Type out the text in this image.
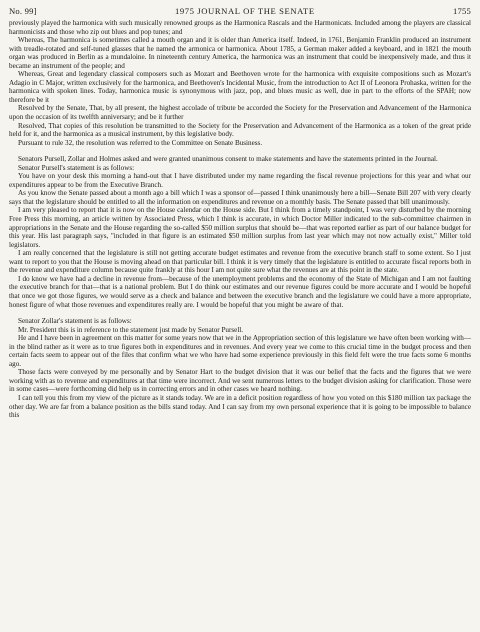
No. 99]	1975 JOURNAL OF THE SENATE	1755

previously played the harmonica with such musically renowned groups as the Harmonica Rascals and the Harmonicats. Included among the players are classical harmonicists and those who zip out blues and pop tunes; and

Whereas, The harmonica is sometimes called a mouth organ and it is older than America itself. Indeed, in 1761, Benjamin Franklin produced an instrument with treadle-rotated and self-tuned glasses that he named the armonica or harmonica. About 1785, a German maker added a keyboard, and in 1821 the mouth organ was produced in Berlin as a mundaloine. In nineteenth century America, the harmonica was an instrument that could be inexpensively made, and thus it became an instrument of the people; and

Whereas, Great and legendary classical composers such as Mozart and Beethoven wrote for the harmonica with exquisite compositions such as Mozart's Adagio in C Major, written exclusively for the harmonica, and Beethoven's Incidental Music, from the introduction to Act II of Leonora Prohaska, written for the harmonica with spoken lines. Today, harmonica music is synonymous with jazz, pop, and blues music as well, due in part to the efforts of the SPAH; now therefore be it

Resolved by the Senate, That, by all present, the highest accolade of tribute be accorded the Society for the Preservation and Advancement of the Harmonica upon the occasion of its twelfth anniversary; and be it further

Resolved, That copies of this resolution be transmitted to the Society for the Preservation and Advancement of the Harmonica as a token of the great pride held for it, and the harmonica as a musical instrument, by this legislative body.

Pursuant to rule 32, the resolution was referred to the Committee on Senate Business.

Senators Pursell, Zollar and Holmes asked and were granted unanimous consent to make statements and have the statements printed in the Journal.

Senator Pursell's statement is as follows:

You have on your desk this morning a hand-out that I have distributed under my name regarding the fiscal revenue projections for this year and what our expenditures appear to be from the Executive Branch.

As you know the Senate passed about a month ago a bill which I was a sponsor of—passed I think unanimously here a bill—Senate Bill 207 with very clearly says that the legislature should be entitled to all the information on expenditures and revenue on a monthly basis. The Senate passed that bill unanimously.

I am very pleased to report that it is now on the House calendar on the House side. But I think from a timely standpoint, I was very disturbed by the morning Free Press this morning, an article written by Associated Press, which I think is accurate, in which Doctor Miller indicated to the sub-committee chairmen in appropriations in the Senate and the House regarding the so-called $50 million surplus that should be—that was reported earlier as part of our balance budget for this year. His last paragraph says, "included in that figure is an estimated $50 million surplus from last year which may not now actually exist," Miller told legislators.

I am really concerned that the legislature is still not getting accurate budget estimates and revenue from the executive branch staff to some extent. So I just want to report to you that the House is moving ahead on that particular bill. I think it is very timely that the legislature is entitled to accurate fiscal reports both in the revenue and expenditure column because quite frankly at this hour I am not quite sure what the revenues are at this point in the state.

I do know we have had a decline in revenue from—because of the unemployment problems and the economy of the State of Michigan and I am not faulting the executive branch for that—that is a national problem. But I do think our estimates and our revenue figures could be more accurate and I would be hopeful that once we got those figures, we would serve as a check and balance and between the executive branch and the legislature we could have a more appropriate, honest figure of what those revenues and expenditures really are. I would be hopeful that you might be aware of that.

Senator Zollar's statement is as follows:

Mr. President this is in reference to the statement just made by Senator Pursell.

He and I have been in agreement on this matter for some years now that we in the Appropriation section of this legislature we have often been working with—in the blind rather as it were as to true figures both in expenditures and in revenues. And every year we come to this crucial time in the budget process and then certain facts seem to appear out of the files that confirm what we who have had some experience previously in this field felt were the true facts some 6 months ago.

Those facts were conveyed by me personally and by Senator Hart to the budget division that it was our belief that the facts and the figures that we were working with as to revenue and expenditures at that time were incorrect. And we sent numerous letters to the budget division asking for clarification. Those were in some cases—were forthcoming did help us in correcting errors and in other cases we heard nothing.

I can tell you this from my view of the picture as it stands today. We are in a deficit position regardless of how you voted on this $180 million tax package the other day. We are far from a balance position as the bills stand today. And I can say from my own personal experience that it is going to be impossible to balance this
